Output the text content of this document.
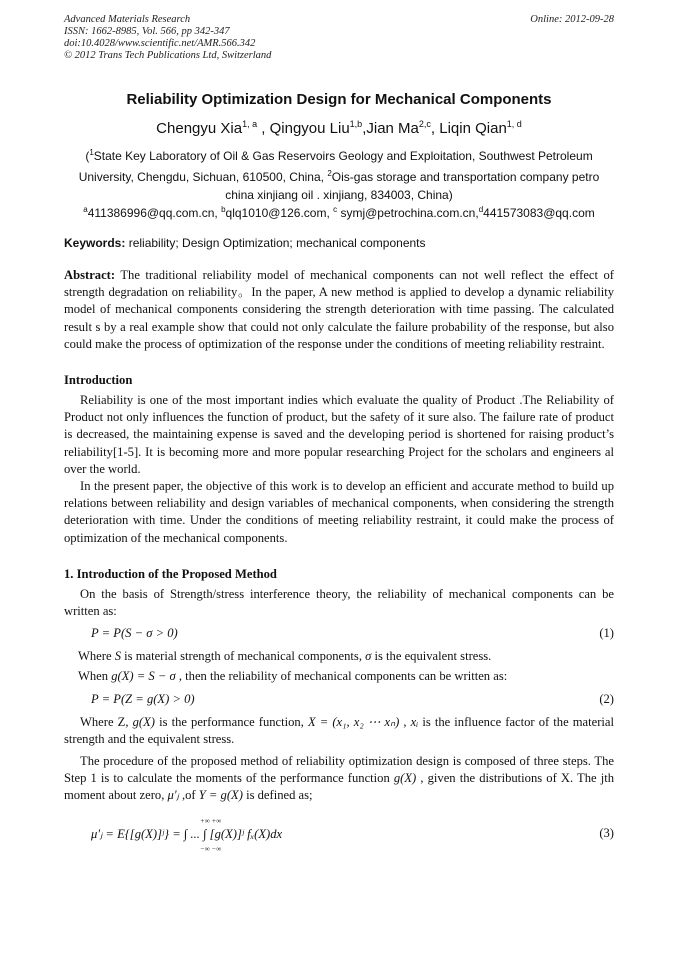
Advanced Materials Research
ISSN: 1662-8985, Vol. 566, pp 342-347
doi:10.4028/www.scientific.net/AMR.566.342
© 2012 Trans Tech Publications Ltd, Switzerland
Online: 2012-09-28
Reliability Optimization Design for Mechanical Components
Chengyu Xia$^{1, a}$ , Qingyou Liu$^{1,b}$,Jian Ma$^{2,c}$, Liqin Qian$^{1, d}$
($^1$State Key Laboratory of Oil & Gas Reservoirs Geology and Exploitation, Southwest Petroleum University, Chengdu, Sichuan, 610500, China, $^2$Ois-gas storage and transportation company petro china xinjiang oil . xinjiang, 834003, China)
$^a$411386996@qq.com.cn, $^b$qlq1010@126.com, $^c$ symj@petrochina.com.cn,$^d$441573083@qq.com
Keywords: reliability; Design Optimization; mechanical components
Abstract: The traditional reliability model of mechanical components can not well reflect the effect of strength degradation on reliability。In the paper, A new method is applied to develop a dynamic reliability model of mechanical components considering the strength deterioration with time passing. The calculated result s by a real example show that could not only calculate the failure probability of the response, but also could make the process of optimization of the response under the conditions of meeting reliability restraint.
Introduction

Reliability is one of the most important indies which evaluate the quality of Product .The Reliability of Product not only influences the function of product, but the safety of it sure also. The failure rate of product is decreased, the maintaining expense is saved and the developing period is shortened for raising product’s reliability[1-5]. It is becoming more and more popular researching Project for the scholars and engineers al over the world.

In the present paper, the objective of this work is to develop an efficient and accurate method to build up relations between reliability and design variables of mechanical components, when considering the strength deterioration with time. Under the conditions of meeting reliability restraint, it could make the process of optimization of the mechanical components.

1. Introduction of the Proposed Method

On the basis of Strength/stress interference theory, the reliability of mechanical components can be written as:

P = P(S − σ > 0)	(1)

Where S is material strength of mechanical components, σ is the equivalent stress.

When g(X) = S − σ , then the reliability of mechanical components can be written as:

P = P(Z = g(X) > 0)	(2)

Where Z, g(X) is the performance function, X = (x₁, x₂ ⋯ xₙ) , xᵢ is the influence factor of the material strength and the equivalent stress.

The procedure of the proposed method of reliability optimization design is composed of three steps. The Step 1 is to calculate the moments of the performance function g(X) , given the distributions of X. The jth moment about zero, μ′ⱼ ,of Y = g(X) is defined as;

+∞ +∞
μ′ⱼ = E{[g(X)]ʲ} = ∫ ... ∫ [g(X)]ʲ fₓ(X)dx
−∞ −∞
(3)
